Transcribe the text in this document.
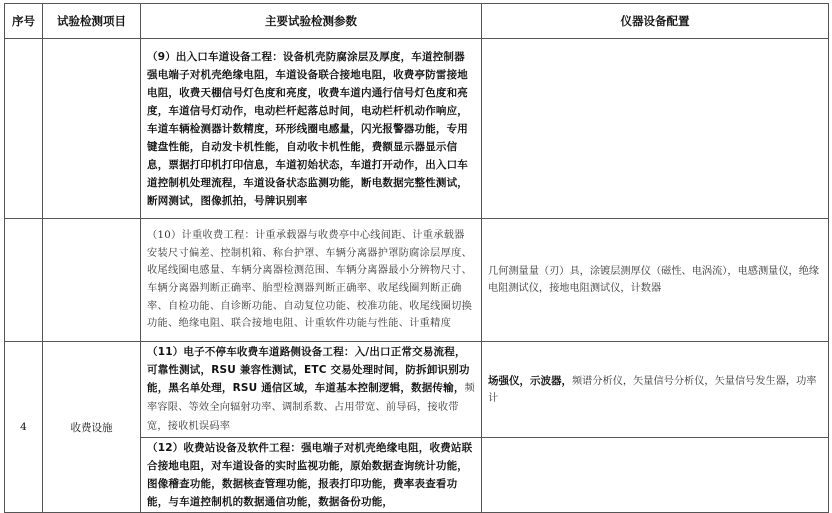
序号	试验检测项目	主要试验检测参数	仪器设备配置

		（9）出入口车道设备工程：设备机壳防腐涂层及厚度，车道控制器强电端子对机壳绝缘电阻，车道设备联合接地电阻，收费亭防雷接地电阻，收费天棚信号灯色度和亮度，收费车道内通行信号灯色度和亮度，车道信号灯动作，电动栏杆起落总时间，电动栏杆机动作响应，车道车辆检测器计数精度，环形线圈电感量，闪光报警器功能，专用键盘性能，自动发卡机性能，自动收卡机性能，费额显示器显示信息，票据打印机打印信息，车道初始状态，车道打开动作，出入口车道控制机处理流程，车道设备状态监测功能，断电数据完整性测试，断网测试，图像抓拍，号牌识别率	

		（10）计重收费工程：计重承载器与收费亭中心线间距、计重承载器安装尺寸偏差、控制机箱、称台护罩、车辆分离器护罩防腐涂层厚度、收尾线圈电感量、车辆分离器检测范围、车辆分离器最小分辨物尺寸、车辆分离器判断正确率、胎型检测器判断正确率、收尾线圈判断正确率、自检功能、自诊断功能、自动复位功能、校准功能、收尾线圈切换功能、绝缘电阻、联合接地电阻、计重软件功能与性能、计重精度	几何测量量（刃）具，涂镀层测厚仪（磁性、电涡流），电感测量仪，绝缘电阻测试仪，接地电阻测试仪，计数器

4	收费设施	（11）电子不停车收费车道路侧设备工程：入/出口正常交易流程，可靠性测试，RSU 兼容性测试，ETC 交易处理时间，防拆卸识别功能，黑名单处理，RSU 通信区域，车道基本控制逻辑，数据传输，频率容限、等效全向辐射功率、调制系数、占用带宽、前导码，接收带宽，接收机误码率	场强仪，示波器，频谱分析仪，矢量信号分析仪，矢量信号发生器，功率计

		（12）收费站设备及软件工程：强电端子对机壳绝缘电阻，收费站联合接地电阻，对车道设备的实时监视功能，原始数据查询统计功能，图像稽查功能，数据核查管理功能，报表打印功能，费率表查看功能，与车道控制机的数据通信功能，数据备份功能，	
